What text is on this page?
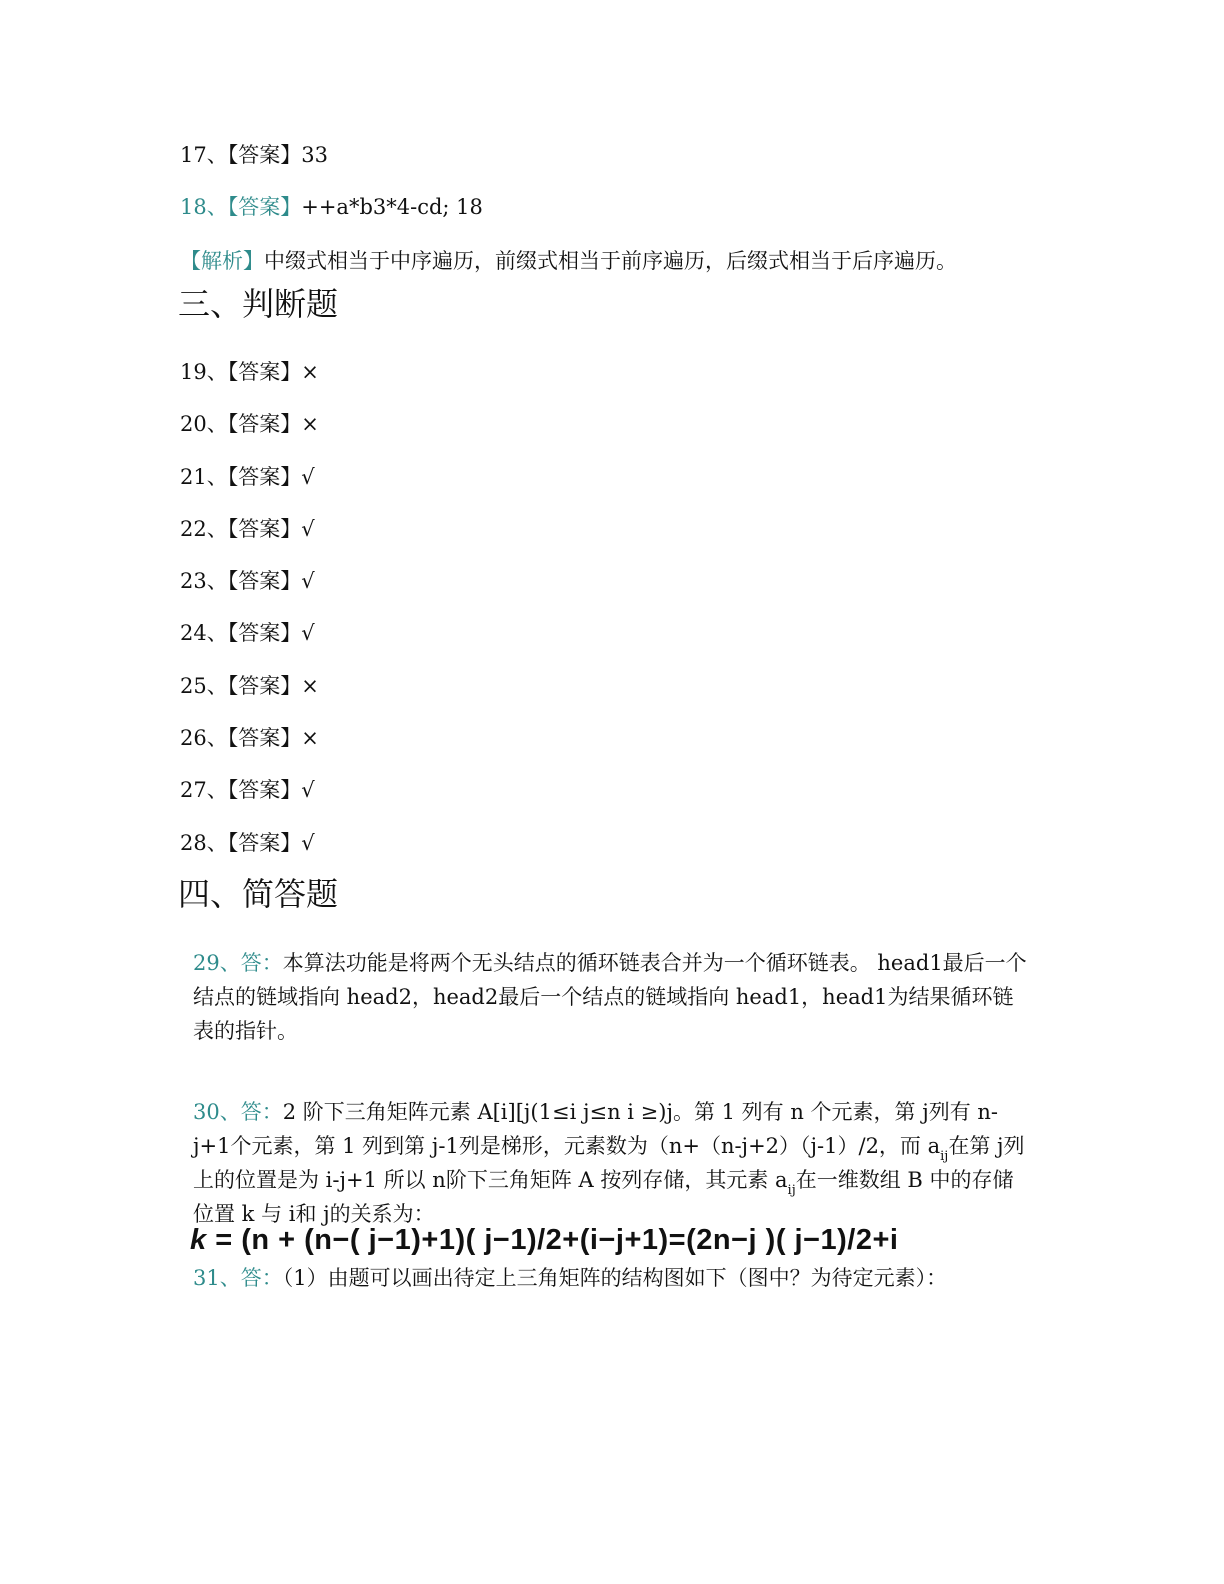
17、【答案】33
18、【答案】++a*b3*4-cd; 18
【解析】中缀式相当于中序遍历，前缀式相当于前序遍历，后缀式相当于后序遍历。
三、判断题
19、【答案】×
20、【答案】×
21、【答案】√
22、【答案】√
23、【答案】√
24、【答案】√
25、【答案】×
26、【答案】×
27、【答案】√
28、【答案】√
四、简答题
29、答：本算法功能是将两个无头结点的循环链表合并为一个循环链表。 head1最后一个结点的链域指向 head2，head2最后一个结点的链域指向 head1，head1为结果循环链表的指针。
30、答：2 阶下三角矩阵元素 A[i][j(1≤i j≤n i ≥)j。第 1 列有 n 个元素，第 j列有 n-j+1个元素，第 1 列到第 j-1列是梯形，元素数为（n+（n-j+2）（j-1）/2，而 $a_{ij}$在第 j列上的位置是为 i-j+1 所以 n阶下三角矩阵 A 按列存储，其元素 $a_{ij}$在一维数组 B 中的存储位置 k 与 i和 j的关系为：
k = (n + (n−( j−1)+1)( j−1)/2+(i−j+1)=(2n−j )( j−1)/2+i
31、答：（1）由题可以画出待定上三角矩阵的结构图如下（图中？为待定元素）：
